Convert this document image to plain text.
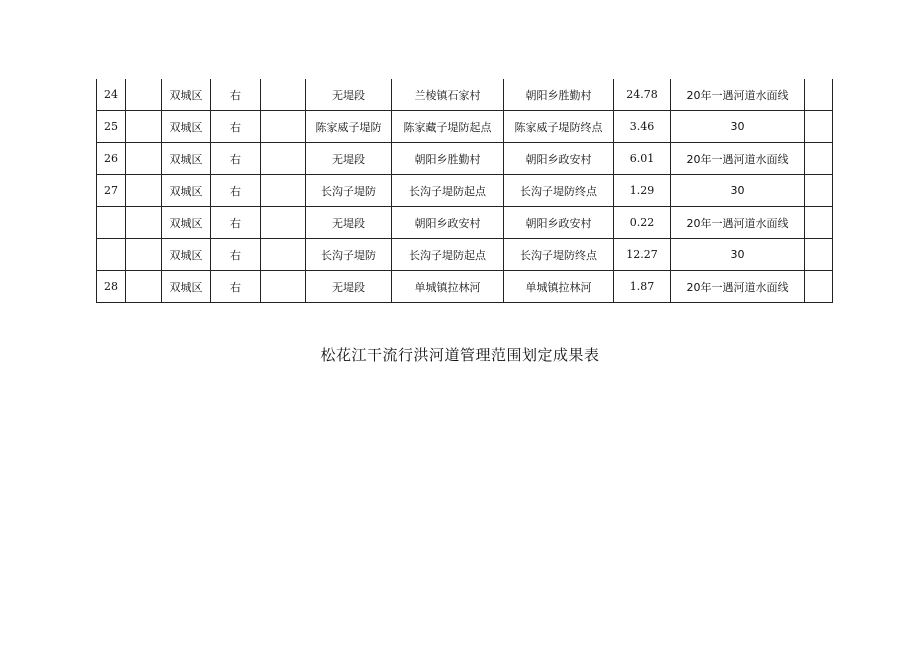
24		双城区	右		无堤段	兰棱镇石家村	朝阳乡胜勤村	24.78	20年一遇河道水面线	
25		双城区	右		陈家威子堤防	陈家藏子堤防起点	陈家威子堤防终点	3.46	30	
26		双城区	右		无堤段	朝阳乡胜勤村	朝阳乡政安村	6.01	20年一遇河道水面线	
27		双城区	右		长沟子堤防	长沟子堤防起点	长沟子堤防终点	1.29	30	
		双城区	右		无堤段	朝阳乡政安村	朝阳乡政安村	0.22	20年一遇河道水面线	
		双城区	右		长沟子堤防	长沟子堤防起点	长沟子堤防终点	12.27	30	
28		双城区	右		无堤段	单城镇拉林河	单城镇拉林河	1.87	20年一遇河道水面线	
松花江干流行洪河道管理范围划定成果表
